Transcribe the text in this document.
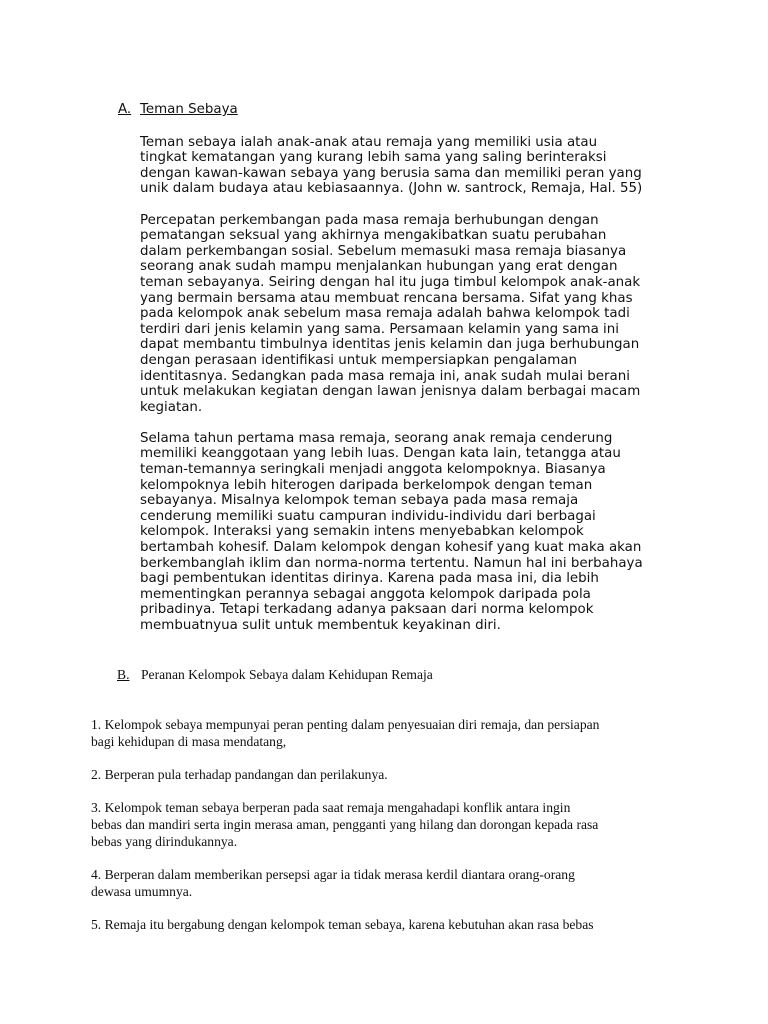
A. Teman Sebaya

Teman sebaya ialah anak-anak atau remaja yang memiliki usia atau
tingkat kematangan yang kurang lebih sama yang saling berinteraksi
dengan kawan-kawan sebaya yang berusia sama dan memiliki peran yang
unik dalam budaya atau kebiasaannya. (John w. santrock, Remaja, Hal. 55)

Percepatan perkembangan pada masa remaja berhubungan dengan
pematangan seksual yang akhirnya mengakibatkan suatu perubahan
dalam perkembangan sosial. Sebelum memasuki masa remaja biasanya
seorang anak sudah mampu menjalankan hubungan yang erat dengan
teman sebayanya. Seiring dengan hal itu juga timbul kelompok anak-anak
yang bermain bersama atau membuat rencana bersama. Sifat yang khas
pada kelompok anak sebelum masa remaja adalah bahwa kelompok tadi
terdiri dari jenis kelamin yang sama. Persamaan kelamin yang sama ini
dapat membantu timbulnya identitas jenis kelamin dan juga berhubungan
dengan perasaan identifikasi untuk mempersiapkan pengalaman
identitasnya. Sedangkan pada masa remaja ini, anak sudah mulai berani
untuk melakukan kegiatan dengan lawan jenisnya dalam berbagai macam
kegiatan.

Selama tahun pertama masa remaja, seorang anak remaja cenderung
memiliki keanggotaan yang lebih luas. Dengan kata lain, tetangga atau
teman-temannya seringkali menjadi anggota kelompoknya. Biasanya
kelompoknya lebih hiterogen daripada berkelompok dengan teman
sebayanya. Misalnya kelompok teman sebaya pada masa remaja
cenderung memiliki suatu campuran individu-individu dari berbagai
kelompok. Interaksi yang semakin intens menyebabkan kelompok
bertambah kohesif. Dalam kelompok dengan kohesif yang kuat maka akan
berkembanglah iklim dan norma-norma tertentu. Namun hal ini berbahaya
bagi pembentukan identitas dirinya. Karena pada masa ini, dia lebih
mementingkan perannya sebagai anggota kelompok daripada pola
pribadinya. Tetapi terkadang adanya paksaan dari norma kelompok
membuatnyua sulit untuk membentuk keyakinan diri.

B. Peranan Kelompok Sebaya dalam Kehidupan Remaja

1. Kelompok sebaya mempunyai peran penting dalam penyesuaian diri remaja, dan persiapan
bagi kehidupan di masa mendatang,

2. Berperan pula terhadap pandangan dan perilakunya.

3. Kelompok teman sebaya berperan pada saat remaja mengahadapi konflik antara ingin
bebas dan mandiri serta ingin merasa aman, pengganti yang hilang dan dorongan kepada rasa
bebas yang dirindukannya.

4. Berperan dalam memberikan persepsi agar ia tidak merasa kerdil diantara orang-orang
dewasa umumnya.

5. Remaja itu bergabung dengan kelompok teman sebaya, karena kebutuhan akan rasa bebas
